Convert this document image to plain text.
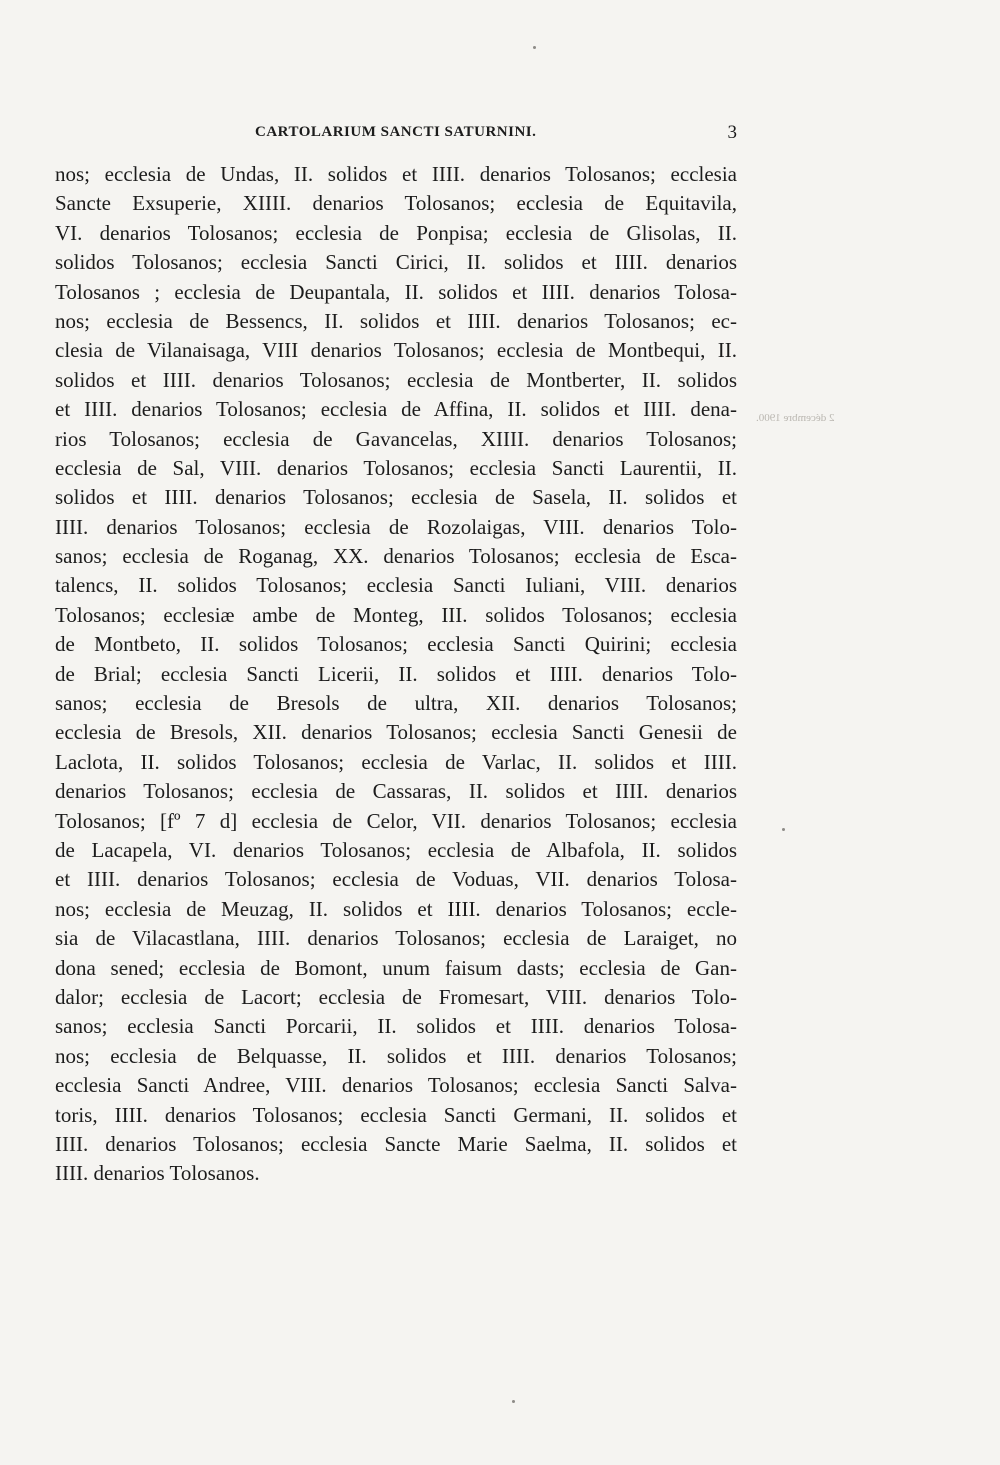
CARTOLARIUM SANCTI SATURNINI.	3
nos; ecclesia de Undas, II. solidos et IIII. denarios Tolosanos; ecclesia
Sancte Exsuperie, XIIII. denarios Tolosanos; ecclesia de Equitavila,
VI. denarios Tolosanos; ecclesia de Ponpisa; ecclesia de Glisolas, II.
solidos Tolosanos; ecclesia Sancti Cirici, II. solidos et IIII. denarios
Tolosanos ; ecclesia de Deupantala, II. solidos et IIII. denarios Tolosa-
nos; ecclesia de Bessencs, II. solidos et IIII. denarios Tolosanos; ec-
clesia de Vilanaisaga, VIII denarios Tolosanos; ecclesia de Montbequi, II.
solidos et IIII. denarios Tolosanos; ecclesia de Montberter, II. solidos
et IIII. denarios Tolosanos; ecclesia de Affina, II. solidos et IIII. dena-
rios Tolosanos; ecclesia de Gavancelas, XIIII. denarios Tolosanos;
ecclesia de Sal, VIII. denarios Tolosanos; ecclesia Sancti Laurentii, II.
solidos et IIII. denarios Tolosanos; ecclesia de Sasela, II. solidos et
IIII. denarios Tolosanos; ecclesia de Rozolaigas, VIII. denarios Tolo-
sanos; ecclesia de Roganag, XX. denarios Tolosanos; ecclesia de Esca-
talencs, II. solidos Tolosanos; ecclesia Sancti Iuliani, VIII. denarios
Tolosanos; ecclesiæ ambe de Monteg, III. solidos Tolosanos; ecclesia
de Montbeto, II. solidos Tolosanos; ecclesia Sancti Quirini; ecclesia
de Brial; ecclesia Sancti Licerii, II. solidos et IIII. denarios Tolo-
sanos; ecclesia de Bresols de ultra, XII. denarios Tolosanos;
ecclesia de Bresols, XII. denarios Tolosanos; ecclesia Sancti Genesii de
Laclota, II. solidos Tolosanos; ecclesia de Varlac, II. solidos et IIII.
denarios Tolosanos; ecclesia de Cassaras, II. solidos et IIII. denarios
Tolosanos; [fº 7 d] ecclesia de Celor, VII. denarios Tolosanos; ecclesia
de Lacapela, VI. denarios Tolosanos; ecclesia de Albafola, II. solidos
et IIII. denarios Tolosanos; ecclesia de Voduas, VII. denarios Tolosa-
nos; ecclesia de Meuzag, II. solidos et IIII. denarios Tolosanos; eccle-
sia de Vilacastlana, IIII. denarios Tolosanos; ecclesia de Laraiget, no
dona sened; ecclesia de Bomont, unum faisum dasts; ecclesia de Gan-
dalor; ecclesia de Lacort; ecclesia de Fromesart, VIII. denarios Tolo-
sanos; ecclesia Sancti Porcarii, II. solidos et IIII. denarios Tolosa-
nos; ecclesia de Belquasse, II. solidos et IIII. denarios Tolosanos;
ecclesia Sancti Andree, VIII. denarios Tolosanos; ecclesia Sancti Salva-
toris, IIII. denarios Tolosanos; ecclesia Sancti Germani, II. solidos et
IIII. denarios Tolosanos; ecclesia Sancte Marie Saelma, II. solidos et
IIII. denarios Tolosanos.
2 décembre 1900.
